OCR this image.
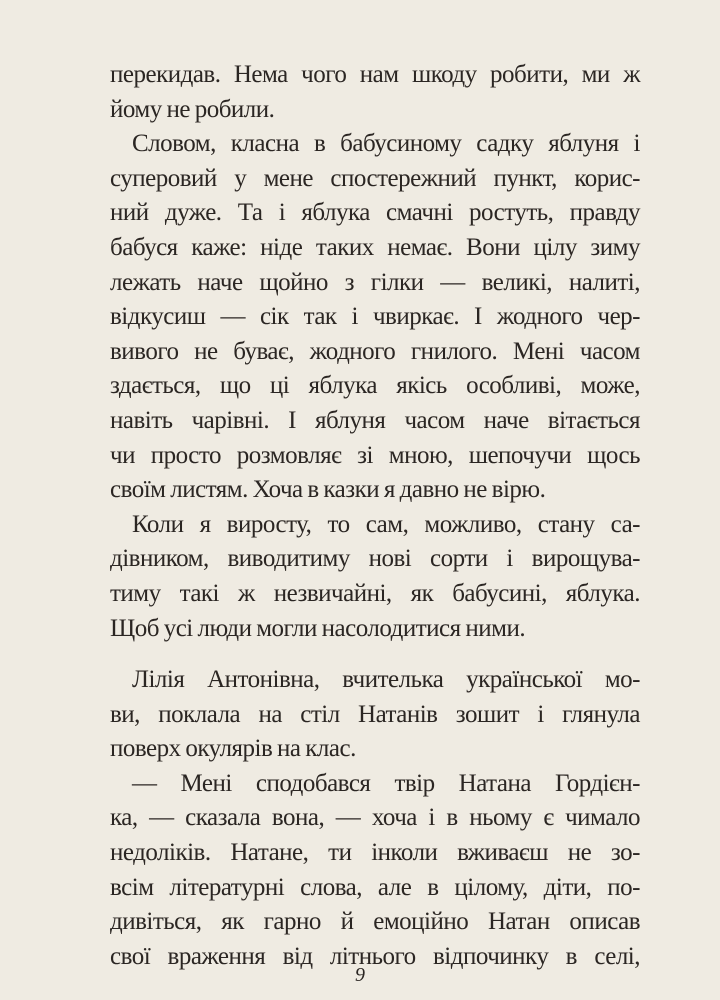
перекидав. Нема чого нам шкоду робити, ми ж
йому не робили.
Словом, класна в бабусиному садку яблуня і
суперовий у мене спостережний пункт, корис-
ний дуже. Та і яблука смачні ростуть, правду
бабуся каже: ніде таких немає. Вони цілу зиму
лежать наче щойно з гілки — великі, налиті,
відкусиш — сік так і чвиркає. І жодного чер-
вивого не буває, жодного гнилого. Мені часом
здається, що ці яблука якісь особливі, може,
навіть чарівні. І яблуня часом наче вітається
чи просто розмовляє зі мною, шепочучи щось
своїм листям. Хоча в казки я давно не вірю.
Коли я виросту, то сам, можливо, стану са-
дівником, виводитиму нові сорти і вирощува-
тиму такі ж незвичайні, як бабусині, яблука.
Щоб усі люди могли насолодитися ними.
Лілія Антонівна, вчителька української мо-
ви, поклала на стіл Натанів зошит і глянула
поверх окулярів на клас.
— Мені сподобався твір Натана Гордієн-
ка, — сказала вона, — хоча і в ньому є чимало
недоліків. Натане, ти інколи вживаєш не зо-
всім літературні слова, але в цілому, діти, по-
дивіться, як гарно й емоційно Натан описав
свої враження від літнього відпочинку в селі,
9
